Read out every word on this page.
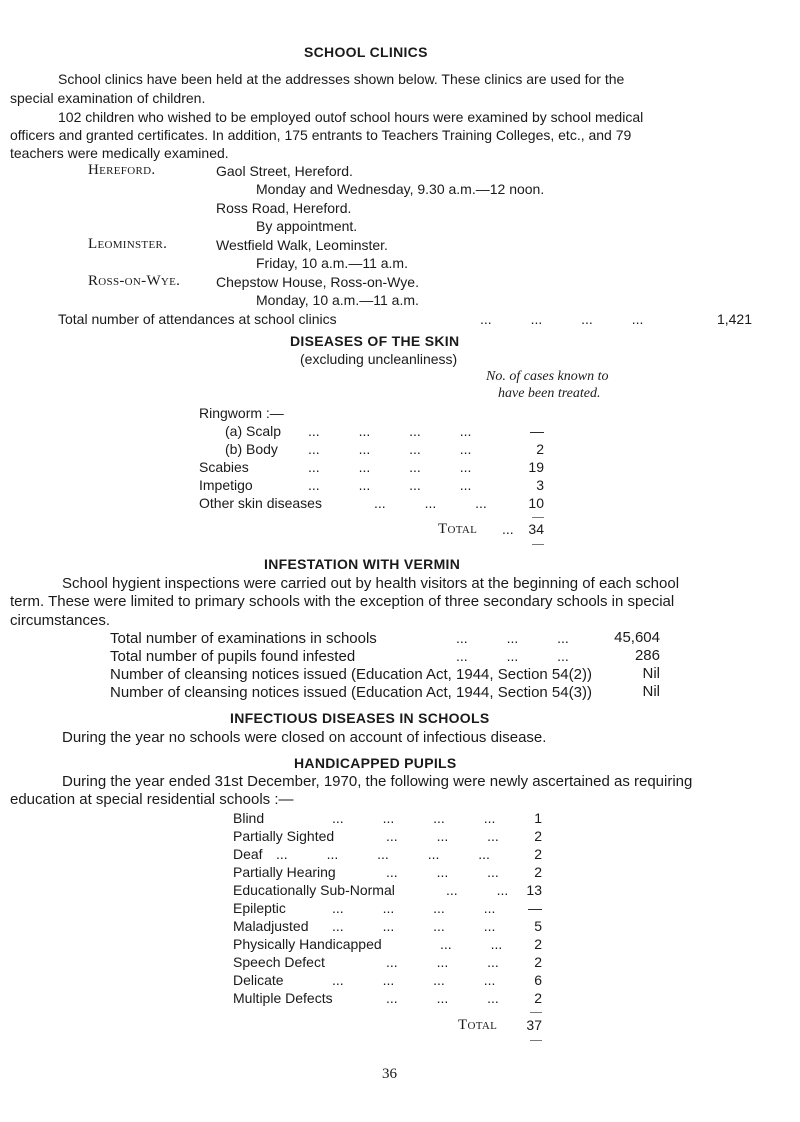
SCHOOL CLINICS
School clinics have been held at the addresses shown below. These clinics are used for the
special examination of children.
102 children who wished to be employed outof school hours were examined by school medical
officers and granted certificates. In addition, 175 entrants to Teachers Training Colleges, etc., and 79
teachers were medically examined.
Hereford.	Gaol Street, Hereford.
Monday and Wednesday, 9.30 a.m.—12 noon.
Ross Road, Hereford.
By appointment.
Leominster.	Westfield Walk, Leominster.
Friday, 10 a.m.—11 a.m.
Ross-on-Wye.	Chepstow House, Ross-on-Wye.
Monday, 10 a.m.—11 a.m.
Total number of attendances at school clinics	...          ...          ...          ...	1,421
DISEASES OF THE SKIN
(excluding uncleanliness)
No. of cases known to
have been treated.
Ringworm :—
(a) Scalp ...          ...          ...          ...	—
(b) Body ...          ...          ...          ...	2
Scabies	...          ...          ...          ...	19
Impetigo	...          ...          ...          ...	3
Other skin diseases	...          ...          ...	10
Total ...	34
INFESTATION WITH VERMIN
School hygient inspections were carried out by health visitors at the beginning of each school
term. These were limited to primary schools with the exception of three secondary schools in special
circumstances.
Total number of examinations in schools	...          ...          ...	45,604
Total number of pupils found infested	...          ...          ...	286
Number of cleansing notices issued (Education Act, 1944, Section 54(2))	Nil
Number of cleansing notices issued (Education Act, 1944, Section 54(3))	Nil
INFECTIOUS DISEASES IN SCHOOLS
During the year no schools were closed on account of infectious disease.
HANDICAPPED PUPILS
During the year ended 31st December, 1970, the following were newly ascertained as requiring
education at special residential schools :—
Blind	...          ...          ...          ...	1
Partially Sighted	...          ...          ...	2
Deaf ...          ...          ...          ...          ...	2
Partially Hearing	...          ...          ...	2
Educationally Sub-Normal	...          ...	13
Epileptic	...          ...          ...          ...	—
Maladjusted ...          ...          ...          ...	5
Physically Handicapped	...          ...	2
Speech Defect	...          ...          ...	2
Delicate	...          ...          ...          ...	6
Multiple Defects	...          ...          ...	2
Total	37
36
